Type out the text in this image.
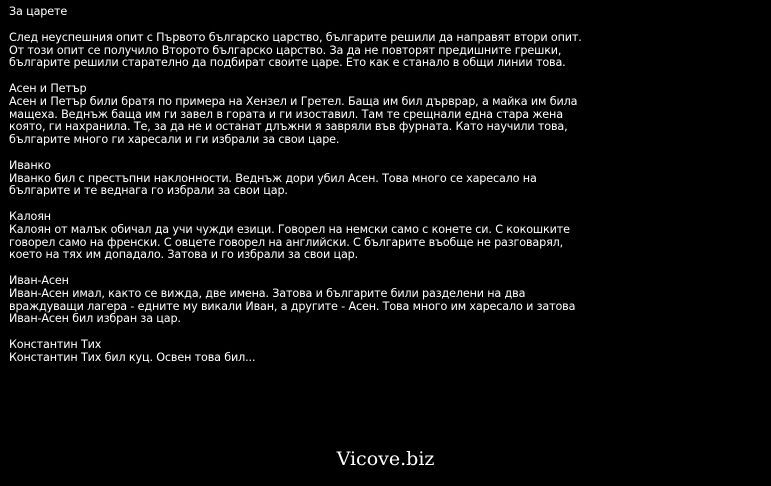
За царете
След неуспешния опит с Първото българско царство, българите решили да направят втори опит.
От този опит се получило Второто българско царство. За да не повторят предишните грешки,
българите решили старателно да подбират своите царе. Ето как е станало в общи линии това.
Асен и Петър
Асен и Петър били братя по примера на Хензел и Гретел. Баща им бил дърврар, а майка им била
мащеха. Веднъж баща им ги завел в гората и ги изоставил. Там те срещнали една стара жена
която, ги нахранила. Те, за да не и останат длъжни я завряли във фурната. Като научили това,
българите много ги харесали и ги избрали за свои царе.
Иванко
Иванко бил с престъпни наклонности. Веднъж дори убил Асен. Това много се харесало на
българите и те веднага го избрали за свои цар.
Калоян
Калоян от малък обичал да учи чужди езици. Говорел на немски само с конете си. С кокошките
говорел само на френски. С овцете говорел на английски. С българите въобще не разговарял,
което на тях им допадало. Затова и го избрали за свои цар.
Иван-Асен
Иван-Асен имал, както се вижда, две имена. Затова и българите били разделени на два
враждуващи лагера - едните му викали Иван, а другите - Асен. Това много им харесало и затова
Иван-Асен бил избран за цар.
Константин Тих
Константин Тих бил куц. Освен това бил...
Vicove.biz
